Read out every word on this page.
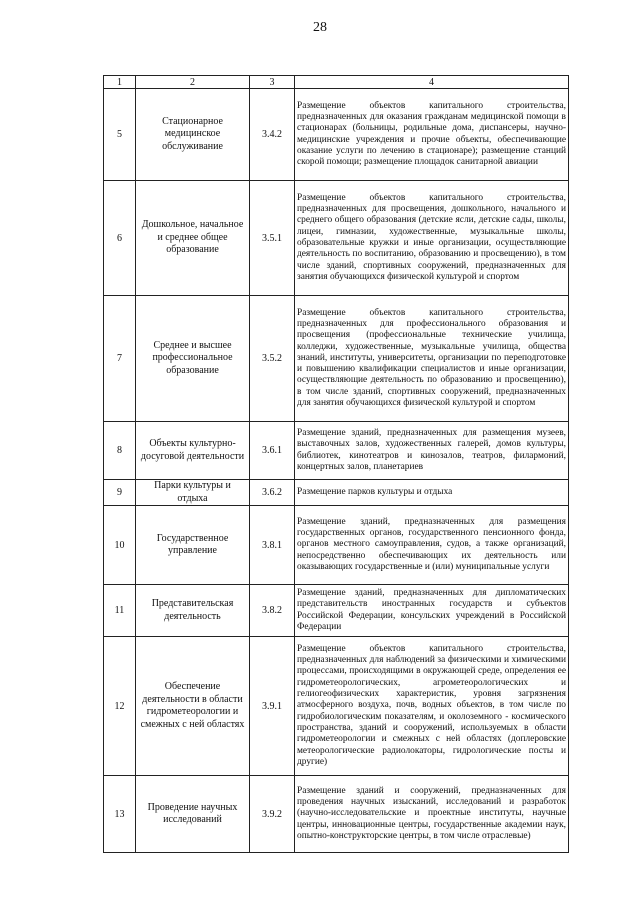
28
1	2	3	4
5	Стационарное медицинское обслуживание	3.4.2	Размещение объектов капитального строительства, предназначенных для оказания гражданам медицинской помощи в стационарах (больницы, родильные дома, диспансеры, научно-медицинские учреждения и прочие объекты, обеспечивающие оказание услуги по лечению в стационаре); размещение станций скорой помощи; размещение площадок санитарной авиации
6	Дошкольное, начальное и среднее общее образование	3.5.1	Размещение объектов капитального строительства, предназначенных для просвещения, дошкольного, начального и среднего общего образования (детские ясли, детские сады, школы, лицеи, гимназии, художественные, музыкальные школы, образовательные кружки и иные организации, осуществляющие деятельность по воспитанию, образованию и просвещению), в том числе зданий, спортивных сооружений, предназначенных для занятия обучающихся физической культурой и спортом
7	Среднее и высшее профессиональное образование	3.5.2	Размещение объектов капитального строительства, предназначенных для профессионального образования и просвещения (профессиональные технические училища, колледжи, художественные, музыкальные училища, общества знаний, институты, университеты, организации по переподготовке и повышению квалификации специалистов и иные организации, осуществляющие деятельность по образованию и просвещению), в том числе зданий, спортивных сооружений, предназначенных для занятия обучающихся физической культурой и спортом
8	Объекты культурно-досуговой деятельности	3.6.1	Размещение зданий, предназначенных для размещения музеев, выставочных залов, художественных галерей, домов культуры, библиотек, кинотеатров и кинозалов, театров, филармоний, концертных залов, планетариев
9	Парки культуры и отдыха	3.6.2	Размещение парков культуры и отдыха
10	Государственное управление	3.8.1	Размещение зданий, предназначенных для размещения государственных органов, государственного пенсионного фонда, органов местного самоуправления, судов, а также организаций, непосредственно обеспечивающих их деятельность или оказывающих государственные и (или) муниципальные услуги
11	Представительская деятельность	3.8.2	Размещение зданий, предназначенных для дипломатических представительств иностранных государств и субъектов Российской Федерации, консульских учреждений в Российской Федерации
12	Обеспечение деятельности в области гидрометеорологии и смежных с ней областях	3.9.1	Размещение объектов капитального строительства, предназначенных для наблюдений за физическими и химическими процессами, происходящими в окружающей среде, определения ее гидрометеорологических, агрометеорологических и гелиогеофизических характеристик, уровня загрязнения атмосферного воздуха, почв, водных объектов, в том числе по гидробиологическим показателям, и околоземного - космического пространства, зданий и сооружений, используемых в области гидрометеорологии и смежных с ней областях (доплеровские метеорологические радиолокаторы, гидрологические посты и другие)
13	Проведение научных исследований	3.9.2	Размещение зданий и сооружений, предназначенных для проведения научных изысканий, исследований и разработок (научно-исследовательские и проектные институты, научные центры, инновационные центры, государственные академии наук, опытно-конструкторские центры, в том числе отраслевые)
